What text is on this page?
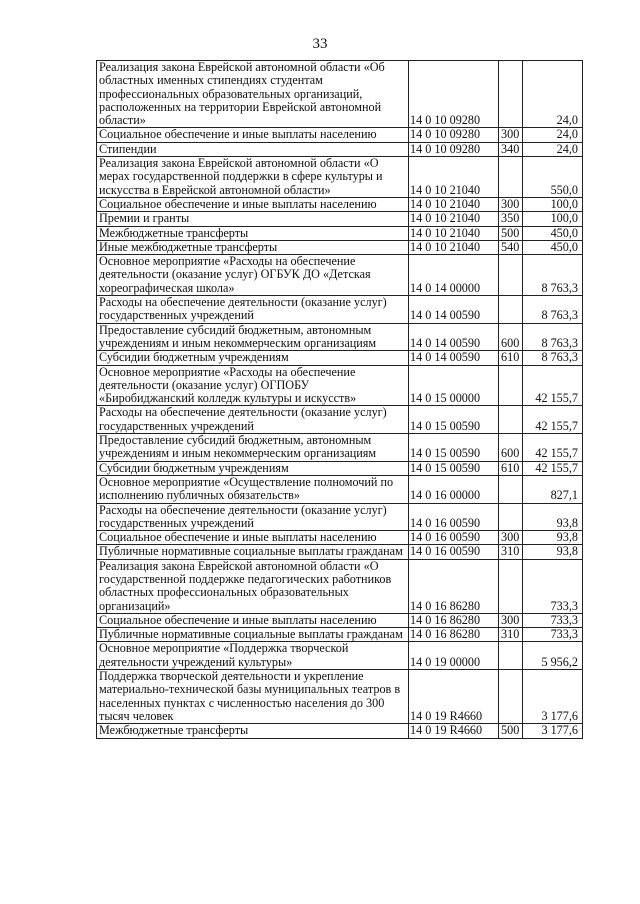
33
Реализация закона Еврейской автономной области «Об областных именных стипендиях студентам профессиональных образовательных организаций, расположенных на территории Еврейской автономной области»	14 0 10 09280		24,0
Социальное обеспечение и иные выплаты населению	14 0 10 09280	300	24,0
Стипендии	14 0 10 09280	340	24,0
Реализация закона Еврейской автономной области «О мерах государственной поддержки в сфере культуры и искусства в Еврейской автономной области»	14 0 10 21040		550,0
Социальное обеспечение и иные выплаты населению	14 0 10 21040	300	100,0
Премии и гранты	14 0 10 21040	350	100,0
Межбюджетные трансферты	14 0 10 21040	500	450,0
Иные межбюджетные трансферты	14 0 10 21040	540	450,0
Основное мероприятие «Расходы на обеспечение деятельности (оказание услуг) ОГБУК ДО «Детская хореографическая школа»	14 0 14 00000		8 763,3
Расходы на обеспечение деятельности (оказание услуг) государственных учреждений	14 0 14 00590		8 763,3
Предоставление субсидий бюджетным, автономным учреждениям и иным некоммерческим организациям	14 0 14 00590	600	8 763,3
Субсидии бюджетным учреждениям	14 0 14 00590	610	8 763,3
Основное мероприятие «Расходы на обеспечение деятельности (оказание услуг) ОГПОБУ «Биробиджанский колледж культуры и искусств»	14 0 15 00000		42 155,7
Расходы на обеспечение деятельности (оказание услуг) государственных учреждений	14 0 15 00590		42 155,7
Предоставление субсидий бюджетным, автономным учреждениям и иным некоммерческим организациям	14 0 15 00590	600	42 155,7
Субсидии бюджетным учреждениям	14 0 15 00590	610	42 155,7
Основное мероприятие «Осуществление полномочий по исполнению публичных обязательств»	14 0 16 00000		827,1
Расходы на обеспечение деятельности (оказание услуг) государственных учреждений	14 0 16 00590		93,8
Социальное обеспечение и иные выплаты населению	14 0 16 00590	300	93,8
Публичные нормативные социальные выплаты гражданам	14 0 16 00590	310	93,8
Реализация закона Еврейской автономной области «О государственной поддержке педагогических работников областных профессиональных образовательных организаций»	14 0 16 86280		733,3
Социальное обеспечение и иные выплаты населению	14 0 16 86280	300	733,3
Публичные нормативные социальные выплаты гражданам	14 0 16 86280	310	733,3
Основное мероприятие «Поддержка творческой деятельности учреждений культуры»	14 0 19 00000		5 956,2
Поддержка творческой деятельности и укрепление материально-технической базы муниципальных театров в населенных пунктах с численностью населения до 300 тысяч человек	14 0 19 R4660		3 177,6
Межбюджетные трансферты	14 0 19 R4660	500	3 177,6
